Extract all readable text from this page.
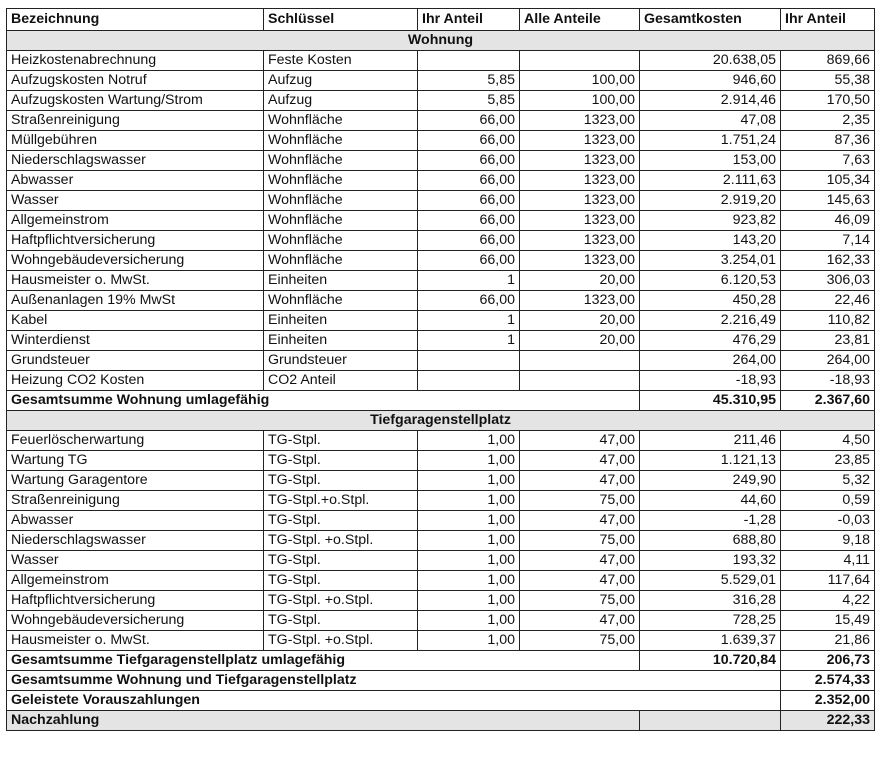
Bezeichnung	Schlüssel	Ihr Anteil	Alle Anteile	Gesamtkosten	Ihr Anteil
Wohnung					
Heizkostenabrechnung	Feste Kosten			20.638,05	869,66
Aufzugskosten Notruf	Aufzug	5,85	100,00	946,60	55,38
Aufzugskosten Wartung/Strom	Aufzug	5,85	100,00	2.914,46	170,50
Straßenreinigung	Wohnfläche	66,00	1323,00	47,08	2,35
Müllgebühren	Wohnfläche	66,00	1323,00	1.751,24	87,36
Niederschlagswasser	Wohnfläche	66,00	1323,00	153,00	7,63
Abwasser	Wohnfläche	66,00	1323,00	2.111,63	105,34
Wasser	Wohnfläche	66,00	1323,00	2.919,20	145,63
Allgemeinstrom	Wohnfläche	66,00	1323,00	923,82	46,09
Haftpflichtversicherung	Wohnfläche	66,00	1323,00	143,20	7,14
Wohngebäudeversicherung	Wohnfläche	66,00	1323,00	3.254,01	162,33
Hausmeister o. MwSt.	Einheiten	1	20,00	6.120,53	306,03
Außenanlagen 19% MwSt	Wohnfläche	66,00	1323,00	450,28	22,46
Kabel	Einheiten	1	20,00	2.216,49	110,82
Winterdienst	Einheiten	1	20,00	476,29	23,81
Grundsteuer	Grundsteuer			264,00	264,00
Heizung CO2 Kosten	CO2 Anteil			-18,93	-18,93
Gesamtsumme Wohnung umlagefähig				45.310,95	2.367,60
Tiefgaragenstellplatz					
Feuerlöscherwartung	TG-Stpl.	1,00	47,00	211,46	4,50
Wartung TG	TG-Stpl.	1,00	47,00	1.121,13	23,85
Wartung Garagentore	TG-Stpl.	1,00	47,00	249,90	5,32
Straßenreinigung	TG-Stpl.+o.Stpl.	1,00	75,00	44,60	0,59
Abwasser	TG-Stpl.	1,00	47,00	-1,28	-0,03
Niederschlagswasser	TG-Stpl. +o.Stpl.	1,00	75,00	688,80	9,18
Wasser	TG-Stpl.	1,00	47,00	193,32	4,11
Allgemeinstrom	TG-Stpl.	1,00	47,00	5.529,01	117,64
Haftpflichtversicherung	TG-Stpl. +o.Stpl.	1,00	75,00	316,28	4,22
Wohngebäudeversicherung	TG-Stpl.	1,00	47,00	728,25	15,49
Hausmeister o. MwSt.	TG-Stpl. +o.Stpl.	1,00	75,00	1.639,37	21,86
Gesamtsumme Tiefgaragenstellplatz umlagefähig				10.720,84	206,73
Gesamtsumme Wohnung und Tiefgaragenstellplatz					2.574,33
Geleistete Vorauszahlungen					2.352,00
Nachzahlung					222,33
